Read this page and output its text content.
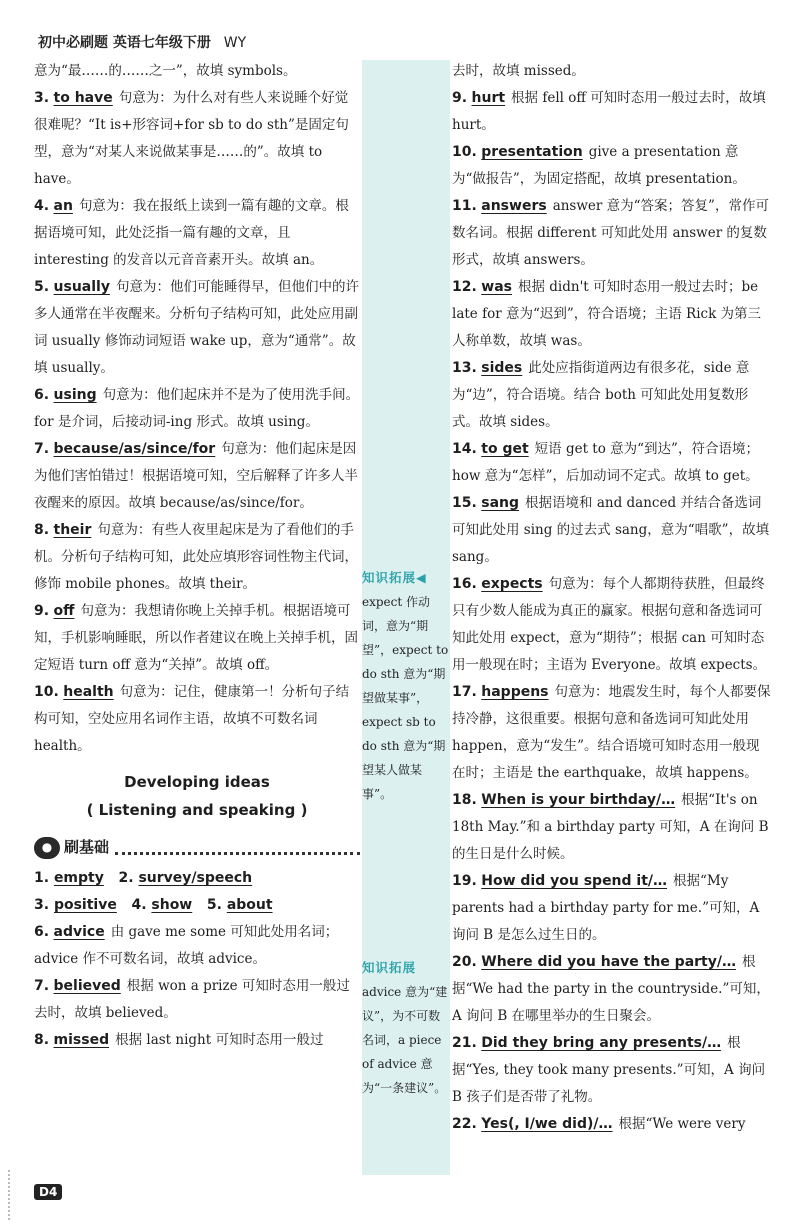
初中必刷题 英语七年级下册 WY
知识拓展◀
expect 作动词，意为“期望”，expect to do sth 意为“期望做某事”，expect sb to do sth 意为“期望某人做某事”。
知识拓展
advice 意为“建议”，为不可数名词，a piece of advice 意为“一条建议”。
意为“最……的……之一”，故填 symbols。
3. to have 句意为：为什么对有些人来说睡个好觉很难呢？“It is+形容词+for sb to do sth”是固定句型，意为“对某人来说做某事是……的”。故填 to have。
4. an 句意为：我在报纸上读到一篇有趣的文章。根据语境可知，此处泛指一篇有趣的文章，且 interesting 的发音以元音音素开头。故填 an。
5. usually 句意为：他们可能睡得早，但他们中的许多人通常在半夜醒来。分析句子结构可知，此处应用副词 usually 修饰动词短语 wake up，意为“通常”。故填 usually。
6. using 句意为：他们起床并不是为了使用洗手间。for 是介词，后接动词-ing 形式。故填 using。
7. because/as/since/for 句意为：他们起床是因为他们害怕错过！根据语境可知，空后解释了许多人半夜醒来的原因。故填 because/as/since/for。
8. their 句意为：有些人夜里起床是为了看他们的手机。分析句子结构可知，此处应填形容词性物主代词，修饰 mobile phones。故填 their。
9. off 句意为：我想请你晚上关掉手机。根据语境可知，手机影响睡眠，所以作者建议在晚上关掉手机，固定短语 turn off 意为“关掉”。故填 off。
10. health 句意为：记住，健康第一！分析句子结构可知，空处应用名词作主语，故填不可数名词 health。
Developing ideas
( Listening and speaking )
● 刷基础
1. empty 2. survey/speech
3. positive 4. show 5. about
6. advice 由 gave me some 可知此处用名词；advice 作不可数名词，故填 advice。
7. believed 根据 won a prize 可知时态用一般过去时，故填 believed。
8. missed 根据 last night 可知时态用一般过
去时，故填 missed。
9. hurt 根据 fell off 可知时态用一般过去时，故填 hurt。
10. presentation give a presentation 意为“做报告”，为固定搭配，故填 presentation。
11. answers answer 意为“答案；答复”，常作可数名词。根据 different 可知此处用 answer 的复数形式，故填 answers。
12. was 根据 didn't 可知时态用一般过去时；be late for 意为“迟到”，符合语境；主语 Rick 为第三人称单数，故填 was。
13. sides 此处应指街道两边有很多花，side 意为“边”，符合语境。结合 both 可知此处用复数形式。故填 sides。
14. to get 短语 get to 意为“到达”，符合语境；how 意为“怎样”，后加动词不定式。故填 to get。
15. sang 根据语境和 and danced 并结合备选词可知此处用 sing 的过去式 sang，意为“唱歌”，故填 sang。
16. expects 句意为：每个人都期待获胜，但最终只有少数人能成为真正的赢家。根据句意和备选词可知此处用 expect，意为“期待”；根据 can 可知时态用一般现在时；主语为 Everyone。故填 expects。
17. happens 句意为：地震发生时，每个人都要保持冷静，这很重要。根据句意和备选词可知此处用 happen，意为“发生”。结合语境可知时态用一般现在时；主语是 the earthquake，故填 happens。
18. When is your birthday/… 根据“It's on 18th May.”和 a birthday party 可知，A 在询问 B 的生日是什么时候。
19. How did you spend it/… 根据“My parents had a birthday party for me.”可知，A 询问 B 是怎么过生日的。
20. Where did you have the party/… 根据“We had the party in the countryside.”可知，A 询问 B 在哪里举办的生日聚会。
21. Did they bring any presents/… 根据“Yes, they took many presents.”可知，A 询问 B 孩子们是否带了礼物。
22. Yes(, I/we did)/… 根据“We were very
D4
